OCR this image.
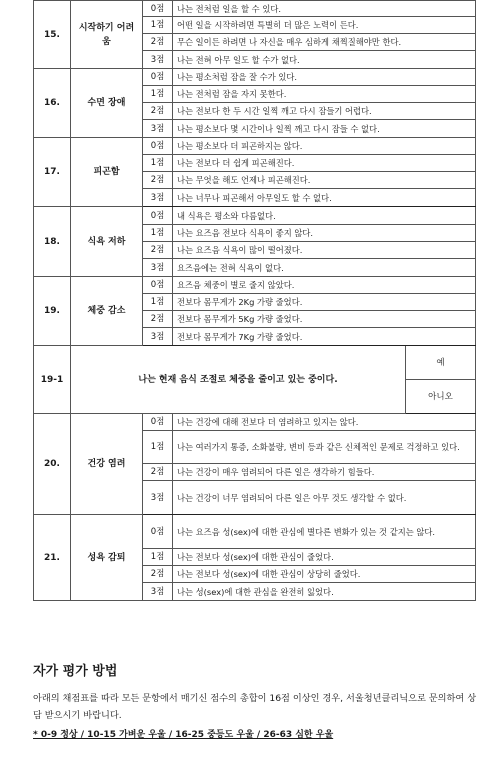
15.	시작하기 어려움	0점	나는 전처럼 일을 할 수 있다.	
		1점	어떤 일을 시작하려면 특별히 더 많은 노력이 든다.	
		2점	무슨 일이든 하려면 나 자신을 매우 심하게 채찍질해야만 한다.	
		3점	나는 전혀 아무 일도 할 수가 없다.	
16.	수면 장애	0점	나는 평소처럼 잠을 잘 수가 있다.	
		1점	나는 전처럼 잠을 자지 못한다.	
		2점	나는 전보다 한 두 시간 일찍 깨고 다시 잠들기 어렵다.	
		3점	나는 평소보다 몇 시간이나 일찍 깨고 다시 잠들 수 없다.	
17.	피곤함	0점	나는 평소보다 더 피곤하지는 않다.	
		1점	나는 전보다 더 쉽게 피곤해진다.	
		2점	나는 무엇을 해도 언제나 피곤해진다.	
		3점	나는 너무나 피곤해서 아무일도 할 수 없다.	
18.	식욕 저하	0점	내 식욕은 평소와 다름없다.	
		1점	나는 요즈음 전보다 식욕이 좋지 않다.	
		2점	나는 요즈음 식욕이 많이 떨어졌다.	
		3점	요즈음에는 전혀 식욕이 없다.	
19.	체중 감소	0점	요즈음 체중이 별로 줄지 않았다.	
		1점	전보다 몸무게가 2Kg 가량 줄었다.	
		2점	전보다 몸무게가 5Kg 가량 줄었다.	
		3점	전보다 몸무게가 7Kg 가량 줄었다.	
19-1	나는 현재 음식 조절로 체중을 줄이고 있는 중이다.			예
				아니오
20.	건강 염려	0점	나는 건강에 대해 전보다 더 염려하고 있지는 않다.	
		1점	나는 여러가지 통증, 소화불량, 변비 등과 같은 신체적인 문제로 걱정하고 있다.	
		2점	나는 건강이 매우 염려되어 다른 일은 생각하기 힘들다.	
		3점	나는 건강이 너무 염려되어 다른 일은 아무 것도 생각할 수 없다.	
21.	성욕 감퇴	0점	나는 요즈음 성(sex)에 대한 관심에 별다른 변화가 있는 것 같지는 않다.	
		1점	나는 전보다 성(sex)에 대한 관심이 줄었다.	
		2점	나는 전보다 성(sex)에 대한 관심이 상당히 줄었다.	
		3점	나는 성(sex)에 대한 관심을 완전히 잃었다.	
자가 평가 방법

아래의 채점표를 따라 모든 문항에서 매기신 점수의 총합이 16점 이상인 경우, 서울청년클리닉으로 문의하여 상담 받으시기 바랍니다.

* 0-9 정상 / 10-15 가벼운 우울 / 16-25 중등도 우울 / 26-63 심한 우울
